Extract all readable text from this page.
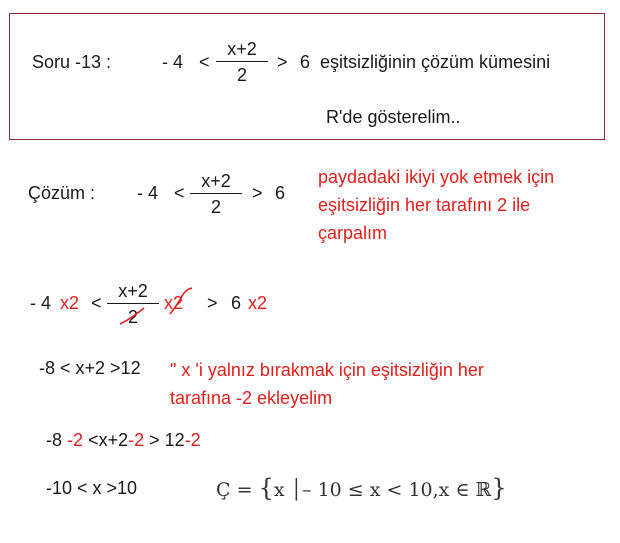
Soru -13 :	- 4 <
x+2
2
> 6 eşitsizliğinin çözüm kümesini
R'de gösterelim..
Çözüm : - 4 <
x+2
2
> 6
paydadaki ikiyi yok etmek için
eşitsizliğin her tarafını 2 ile
çarpalım
- 4 x2 <
x+2
2
x2 > 6 x2
-8 < x+2 >12 " x 'i yalnız bırakmak için eşitsizliğin her
tarafına -2 ekleyelim
-8 -2 <x+2-2 > 12-2
-10 < x >10	Ç = {x │– 10 ≤ x < 10,x ∈ ℝ}
